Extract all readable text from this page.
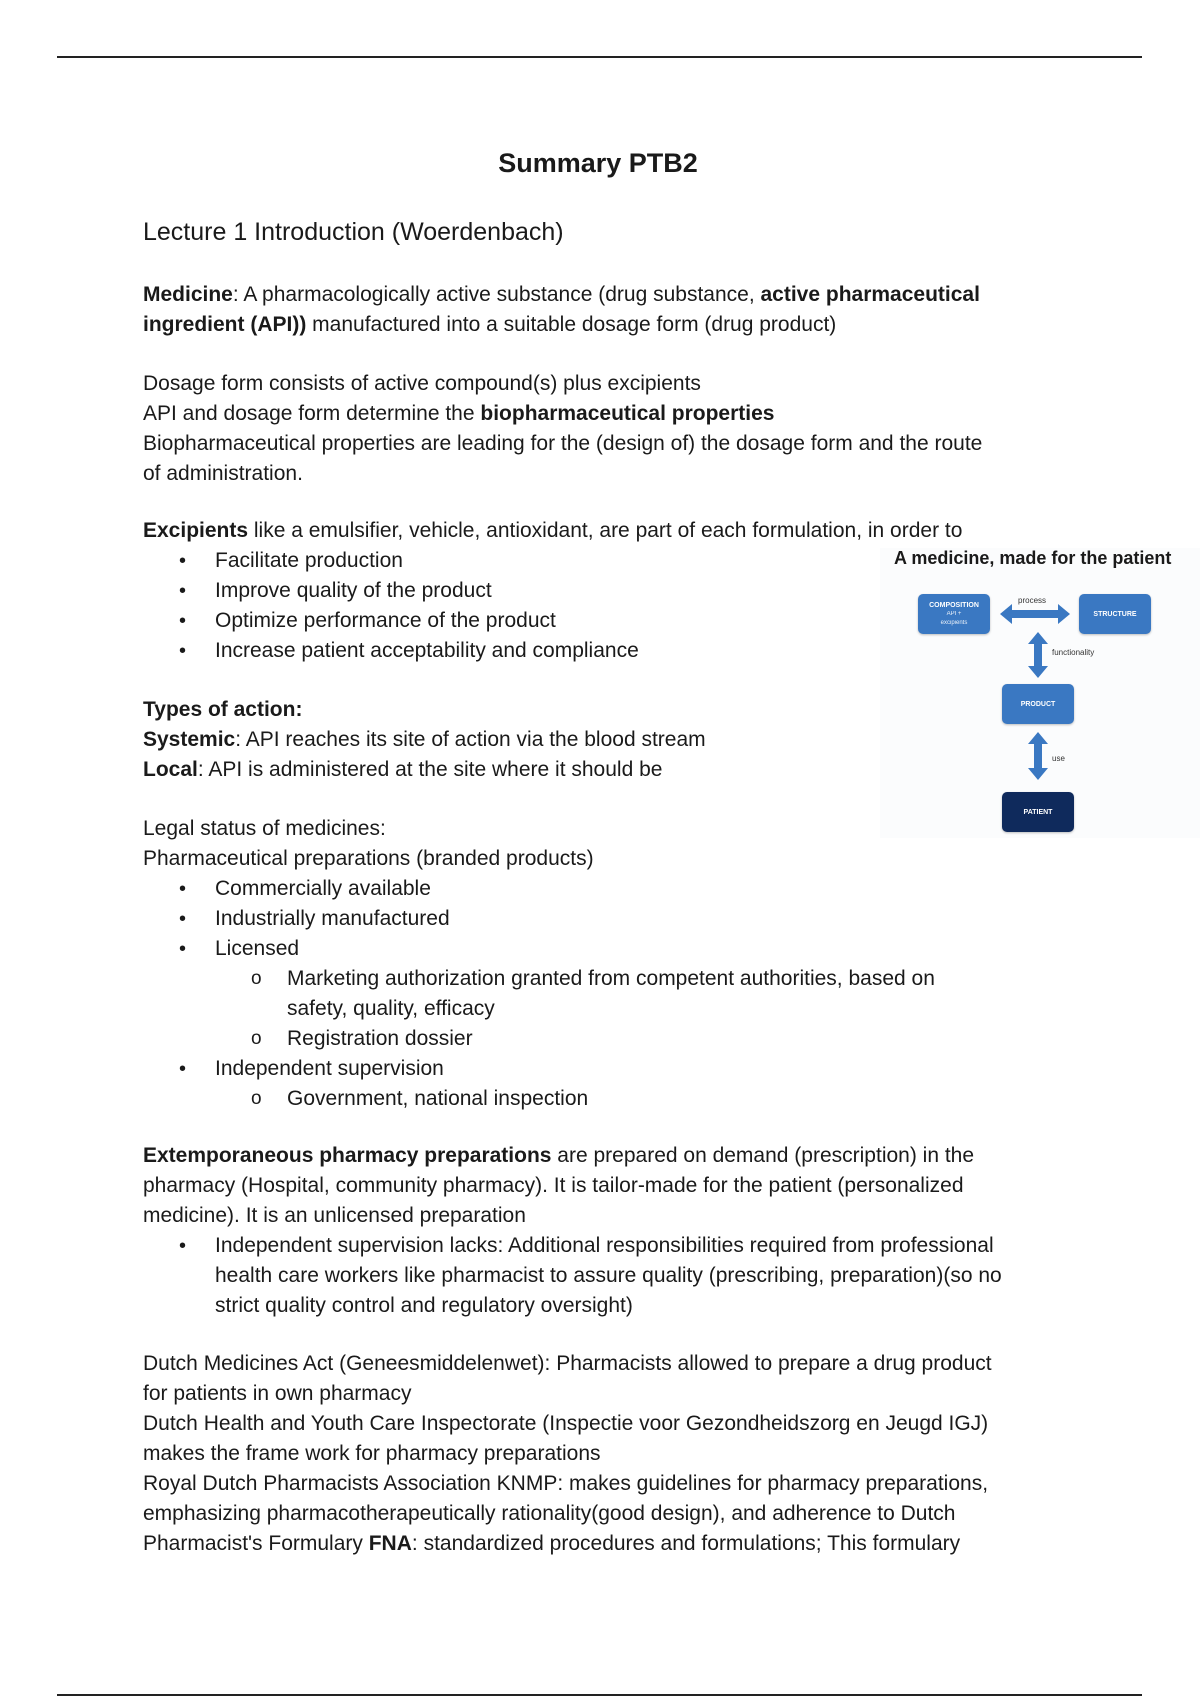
Summary PTB2
Lecture 1 Introduction (Woerdenbach)
Medicine: A pharmacologically active substance (drug substance, active pharmaceutical
ingredient (API)) manufactured into a suitable dosage form (drug product)
Dosage form consists of active compound(s) plus excipients
API and dosage form determine the biopharmaceutical properties
Biopharmaceutical properties are leading for the (design of) the dosage form and the route
of administration.
Excipients like a emulsifier, vehicle, antioxidant, are part of each formulation, in order to
• Facilitate production
• Improve quality of the product
• Optimize performance of the product
• Increase patient acceptability and compliance
Types of action:
Systemic: API reaches its site of action via the blood stream
Local: API is administered at the site where it should be
Legal status of medicines:
Pharmaceutical preparations (branded products)
• Commercially available
• Industrially manufactured
• Licensed
o Marketing authorization granted from competent authorities, based on
safety, quality, efficacy
o Registration dossier
• Independent supervision
o Government, national inspection
Extemporaneous pharmacy preparations are prepared on demand (prescription) in the
pharmacy (Hospital, community pharmacy). It is tailor-made for the patient (personalized
medicine). It is an unlicensed preparation
• Independent supervision lacks: Additional responsibilities required from professional
health care workers like pharmacist to assure quality (prescribing, preparation)(so no
strict quality control and regulatory oversight)
Dutch Medicines Act (Geneesmiddelenwet): Pharmacists allowed to prepare a drug product
for patients in own pharmacy
Dutch Health and Youth Care Inspectorate (Inspectie voor Gezondheidszorg en Jeugd IGJ)
makes the frame work for pharmacy preparations
Royal Dutch Pharmacists Association KNMP: makes guidelines for pharmacy preparations,
emphasizing pharmacotherapeutically rationality(good design), and adherence to Dutch
Pharmacist's Formulary FNA: standardized procedures and formulations; This formulary

A medicine, made for the patient

COMPOSITION
API +
excipients
process
STRUCTURE
functionality
PRODUCT
use
PATIENT
